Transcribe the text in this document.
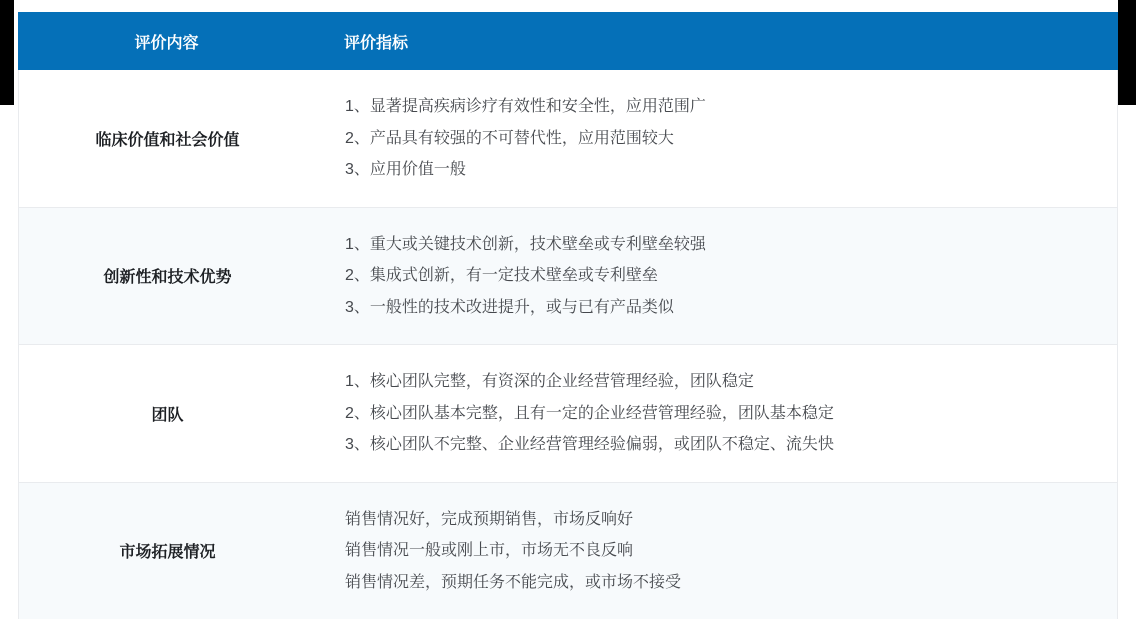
评价内容	评价指标
临床价值和社会价值
1、显著提高疾病诊疗有效性和安全性，应用范围广
2、产品具有较强的不可替代性，应用范围较大
3、应用价值一般
创新性和技术优势
1、重大或关键技术创新，技术壁垒或专利壁垒较强
2、集成式创新，有一定技术壁垒或专利壁垒
3、一般性的技术改进提升，或与已有产品类似
团队
1、核心团队完整，有资深的企业经营管理经验，团队稳定
2、核心团队基本完整，且有一定的企业经营管理经验，团队基本稳定
3、核心团队不完整、企业经营管理经验偏弱，或团队不稳定、流失快
市场拓展情况
销售情况好，完成预期销售，市场反响好
销售情况一般或刚上市，市场无不良反响
销售情况差，预期任务不能完成，或市场不接受
